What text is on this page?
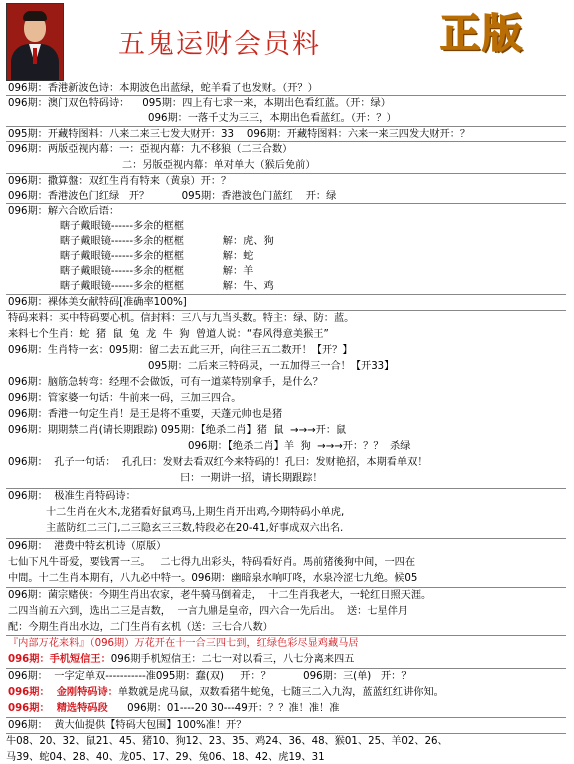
五鬼运财会员料	正版
096期：香港新波色诗：本期波色出蓝绿，蛇羊看了也发财。（开？）
096期：澳门双色特码诗：    095期：四上有七求一来，本期出色看红蓝。（开：绿）
096期：一落千丈为三三，本期出色看蓝红。（开：？）
095期：开藏特图料：八来二来三七发大财开：33    096期：开藏特图料：六来一来三四发大财开：？
096期：两版亞视内幕：一：亞视内幕：九不移狼（二三合数）
二：另版亞视内幕：单对单大（猴后免前）
096期：撒算盤：双红生肖有特来（黄泉）开：？
096期：香港波色门红绿   开？          095期：香港波色门蓝红    开：绿
096期：解六合欧后语：
瞎子戴眼镜------多余的框框
瞎子戴眼镜------多余的框框            解：虎、狗
瞎子戴眼镜------多余的框框            解：蛇
瞎子戴眼镜------多余的框框            解：羊
瞎子戴眼镜------多余的框框            解：牛、鸡
096期：裸体美女献特码[准确率100%]
特码来料：买中特码要心机。信封料：三八与九当头数。特主：绿、防：蓝。
来料七个生肖：蛇  猪  鼠  兔  龙  牛  狗  曾道人说：“春风得意美猴王”
096期：生肖特一玄：095期：留二去五此三开，向往三五二数开！【开？】
095期：二后来三特码灵，一五加得三一合！【开33】
096期：脑筋急转弯：经理不会做饭，可有一道菜特别拿手，是什么？
096期：管家婆一句话：牛前来一码，三加三四合。
096期：香港一句定生肖！是王是将不重要，天蓬元帅也是猪
096期：期期禁二肖(请长期跟踪) 095期：【绝杀二肖】猪  鼠  →→→开：鼠
096期：【绝杀二肖】羊  狗  →→→开：？？  杀绿
096期：  孔子一句话：  孔孔曰：发财去看双红今来特码的！孔曰：发财艳招，本期看单双！
曰：一期讲一招，请长期跟踪！
096期：  极准生肖特码诗：
十二生肖在火木,龙猪看好鼠鸡马,上期生肖开出鸡,今期特码小单虎,
主蓝防红二三门,二三隐玄三三数,特段必在20-41,好事成双六出名.
096期：  港费中特玄机诗（原版）
七仙下凡牛哥爱，要钱霄一三。   二七得九出彩头，特码看好肖。馬前猪後狗中间，一四在
中間。十二生肖本期有，八九必中特一。096期：幽暗泉水响叮咚，水泉冷涩七九绝。候05
096期：菌宗赌侠：今期生肖出农家，老牛骑马倒着走，  十二生肖我老大，一轮红日照天涯。
二四当前五六到，选出二三是吉数，  一言九鼎是皇帝，四六合一先后出。  送：七星伴月
配：今期生肖出水边，二门生肖有玄机（送：三七合八数）
『内部万花来料』（096期）万花开在十一合三四七到，红绿色彩尽显鸡藏马居
096期：手机短信王：096期手机短信王：二七一对以看三，八七分离来四五
096期：  一字定单双-----------准095期：蠢(双)     开：？          096期：三(单)   开：？
096期：  金刚特码诗：单数就是虎马鼠，双数看猪牛蛇兔，七随三二入九沟，蓝蓝红红讲你知。
096期：  精选特码段      096期：01----20 30---49开：？？准！准！准
096期：  黄大仙提供【特码大包围】100%准！开？
牛08、20、32、鼠21、45、猪10、狗12、23、35、鸡24、36、48、猴01、25、羊02、26、
马39、蛇04、28、40、龙05、17、29、兔06、18、42、虎19、31
